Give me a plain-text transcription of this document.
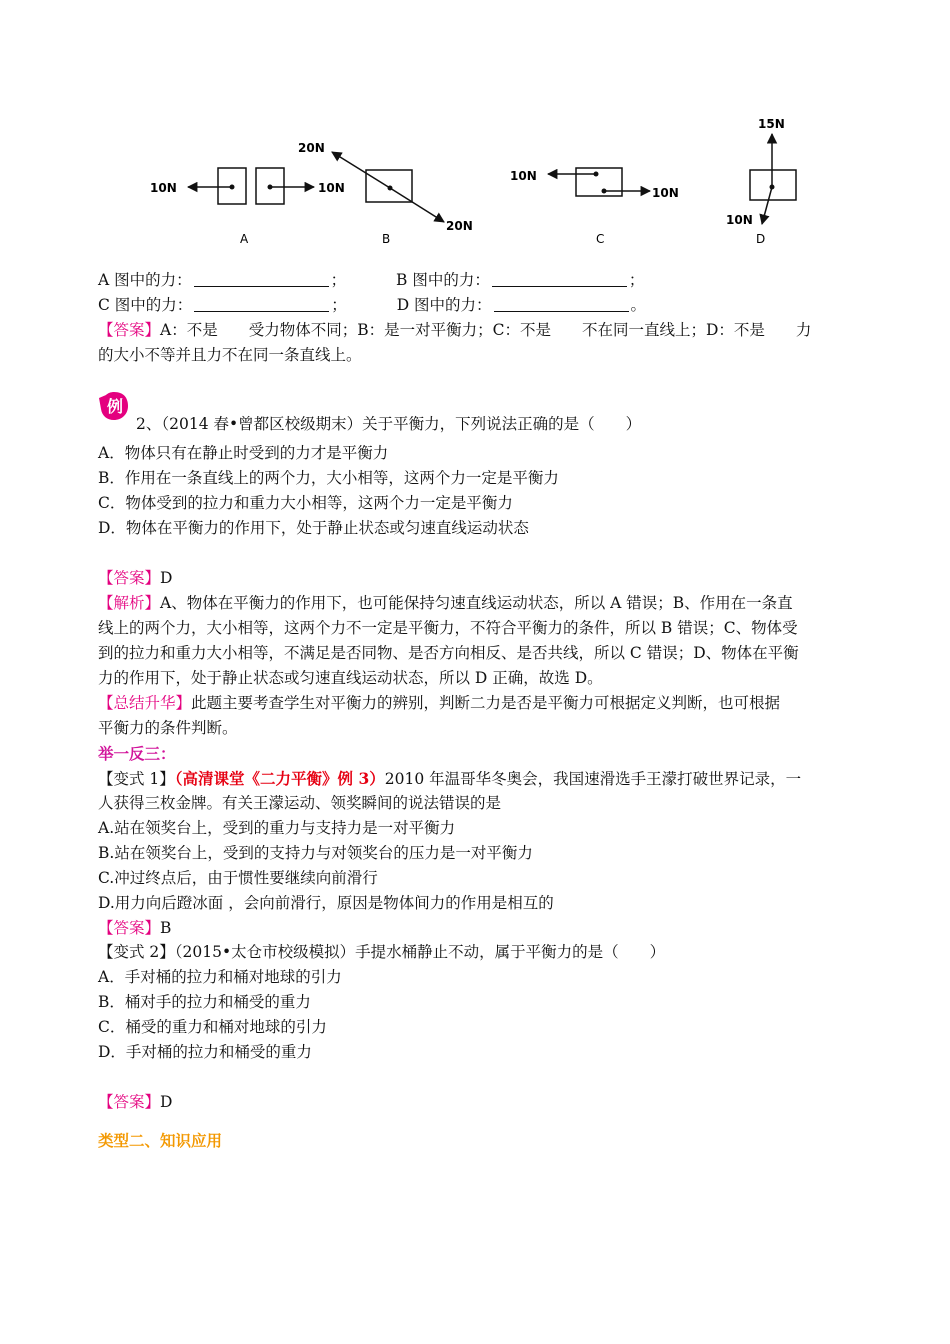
10N	10N
A
20N
20N
B
10N
10N
C
15N
10N
D
A 图中的力：	；	B 图中的力：	；
C 图中的力：	；	D 图中的力：	。
【答案】A：不是　　受力物体不同；B：是一对平衡力；C：不是　　不在同一直线上；D：不是　　力
的大小不等并且力不在同一条直线上。
例
2、（2014 春•曾都区校级期末）关于平衡力，下列说法正确的是（　　）
A．物体只有在静止时受到的力才是平衡力
B．作用在一条直线上的两个力，大小相等，这两个力一定是平衡力
C．物体受到的拉力和重力大小相等，这两个力一定是平衡力
D．物体在平衡力的作用下，处于静止状态或匀速直线运动状态
【答案】D
【解析】A、物体在平衡力的作用下，也可能保持匀速直线运动状态，所以 A 错误；B、作用在一条直
线上的两个力，大小相等，这两个力不一定是平衡力，不符合平衡力的条件，所以 B 错误；C、物体受
到的拉力和重力大小相等，不满足是否同物、是否方向相反、是否共线，所以 C 错误；D、物体在平衡
力的作用下，处于静止状态或匀速直线运动状态，所以 D 正确，故选 D。
【总结升华】此题主要考查学生对平衡力的辨别，判断二力是否是平衡力可根据定义判断，也可根据
平衡力的条件判断。
举一反三：
【变式 1】（高清课堂《二力平衡》例 3）2010 年温哥华冬奥会，我国速滑选手王濛打破世界记录，一
人获得三枚金牌。有关王濛运动、领奖瞬间的说法错误的是
A.站在领奖台上，受到的重力与支持力是一对平衡力
B.站在领奖台上，受到的支持力与对领奖台的压力是一对平衡力
C.冲过终点后，由于惯性要继续向前滑行
D.用力向后蹬冰面 ，会向前滑行，原因是物体间力的作用是相互的
【答案】B
【变式 2】（2015•太仓市校级模拟）手提水桶静止不动，属于平衡力的是（　　）
A．手对桶的拉力和桶对地球的引力
B．桶对手的拉力和桶受的重力
C．桶受的重力和桶对地球的引力
D．手对桶的拉力和桶受的重力
【答案】D
类型二、知识应用
